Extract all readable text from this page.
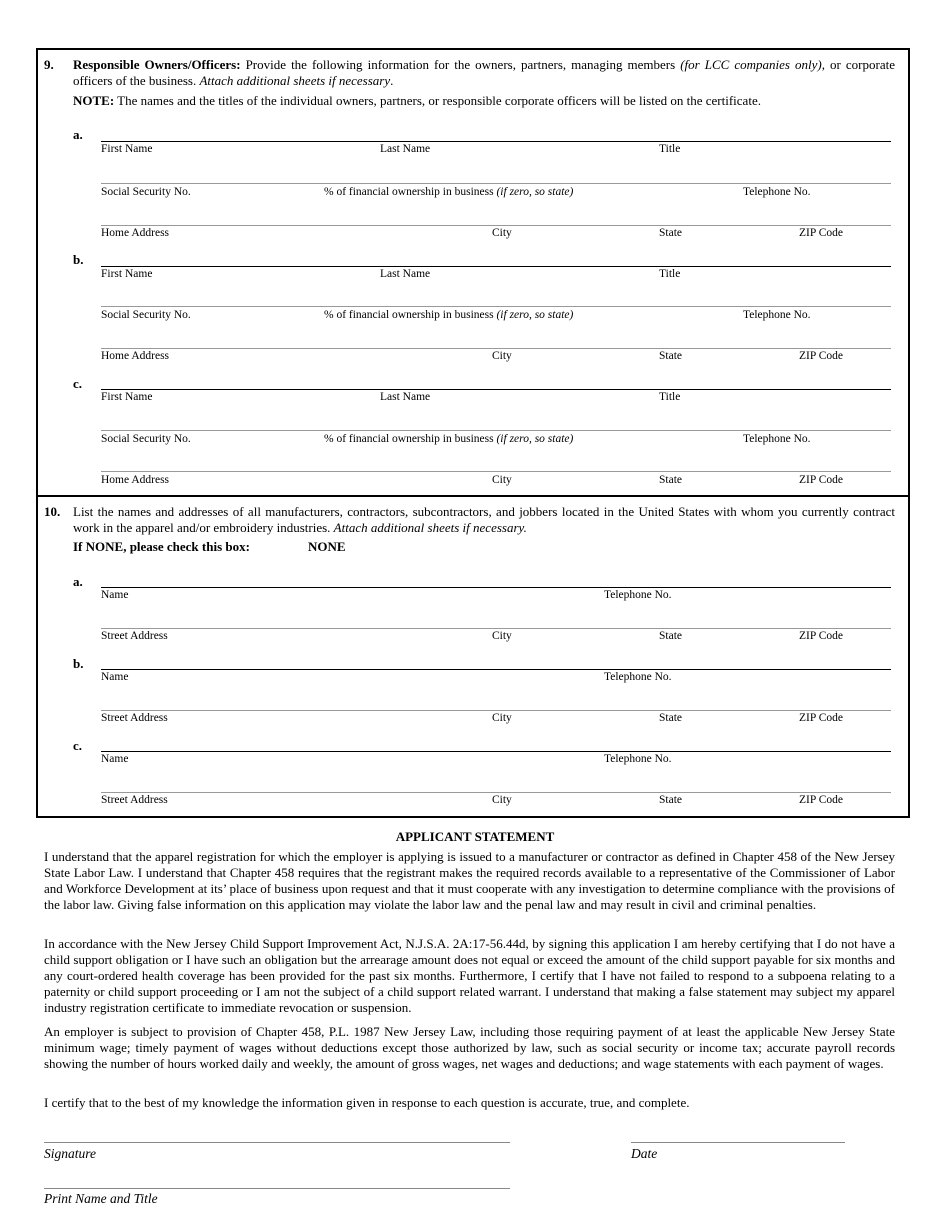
9. Responsible Owners/Officers: Provide the following information for the owners, partners, managing members (for LCC companies only), or corporate officers of the business. Attach additional sheets if necessary.
NOTE: The names and the titles of the individual owners, partners, or responsible corporate officers will be listed on the certificate.
a.
First Name	Last Name	Title
Social Security No.	% of financial ownership in business (if zero, so state)	Telephone No.
Home Address	City	State	ZIP Code
b.
First Name	Last Name	Title
Social Security No.	% of financial ownership in business (if zero, so state)	Telephone No.
Home Address	City	State	ZIP Code
c.
First Name	Last Name	Title
Social Security No.	% of financial ownership in business (if zero, so state)	Telephone No.
Home Address	City	State	ZIP Code
10. List the names and addresses of all manufacturers, contractors, subcontractors, and jobbers located in the United States with whom you currently contract work in the apparel and/or embroidery industries. Attach additional sheets if necessary.
If NONE, please check this box:	NONE
a.
Name	Telephone No.
Street Address	City	State	ZIP Code
b.
Name	Telephone No.
Street Address	City	State	ZIP Code
c.
Name	Telephone No.
Street Address	City	State	ZIP Code
APPLICANT STATEMENT
I understand that the apparel registration for which the employer is applying is issued to a manufacturer or contractor as defined in Chapter 458 of the New Jersey State Labor Law. I understand that Chapter 458 requires that the registrant makes the required records available to a representative of the Commissioner of Labor and Workforce Development at its’ place of business upon request and that it must cooperate with any investigation to determine compliance with the provisions of the labor law. Giving false information on this application may violate the labor law and the penal law and may result in civil and criminal penalties.
In accordance with the New Jersey Child Support Improvement Act, N.J.S.A. 2A:17-56.44d, by signing this application I am hereby certifying that I do not have a child support obligation or I have such an obligation but the arrearage amount does not equal or exceed the amount of the child support payable for six months and any court-ordered health coverage has been provided for the past six months. Furthermore, I certify that I have not failed to respond to a subpoena relating to a paternity or child support proceeding or I am not the subject of a child support related warrant. I understand that making a false statement may subject my apparel industry registration certificate to immediate revocation or suspension.
An employer is subject to provision of Chapter 458, P.L. 1987 New Jersey Law, including those requiring payment of at least the applicable New Jersey State minimum wage; timely payment of wages without deductions except those authorized by law, such as social security or income tax; accurate payroll records showing the number of hours worked daily and weekly, the amount of gross wages, net wages and deductions; and wage statements with each payment of wages.
I certify that to the best of my knowledge the information given in response to each question is accurate, true, and complete.
Signature	Date
Print Name and Title
